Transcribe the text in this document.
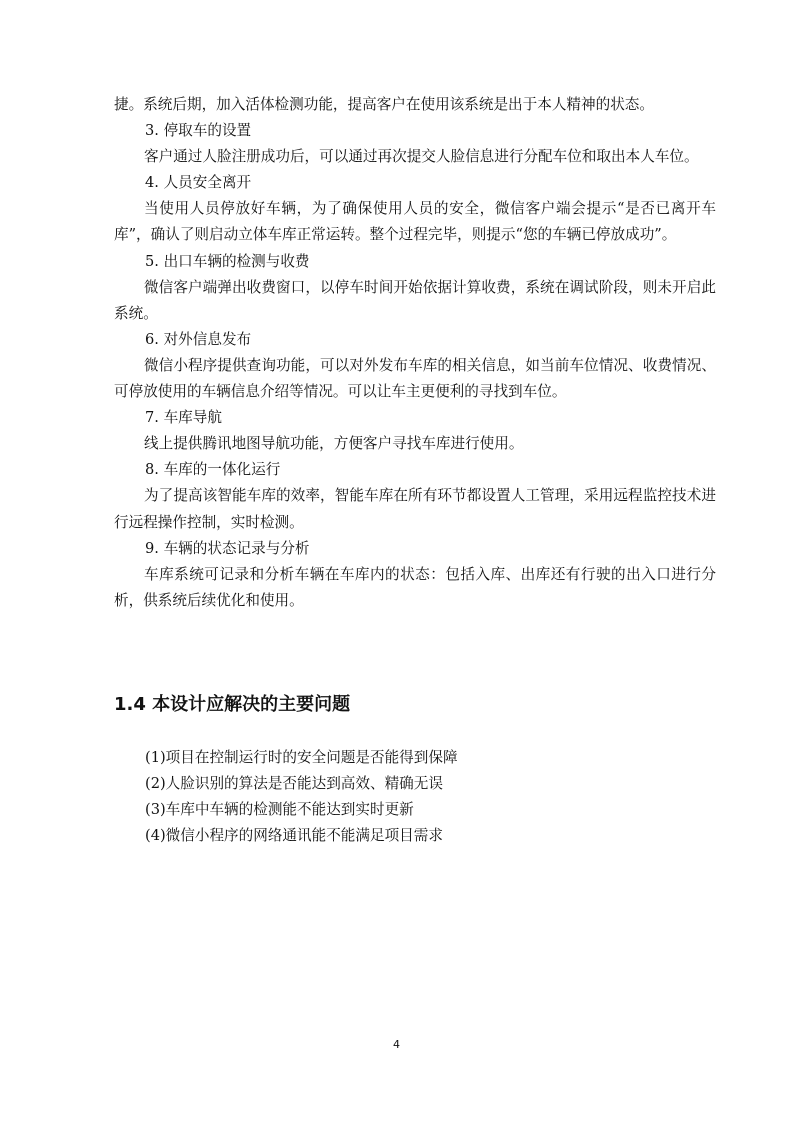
捷。系统后期，加入活体检测功能，提高客户在使用该系统是出于本人精神的状态。

3. 停取车的设置

客户通过人脸注册成功后，可以通过再次提交人脸信息进行分配车位和取出本人车位。

4. 人员安全离开

当使用人员停放好车辆，为了确保使用人员的安全，微信客户端会提示“是否已离开车库”，确认了则启动立体车库正常运转。整个过程完毕，则提示“您的车辆已停放成功”。

5. 出口车辆的检测与收费

微信客户端弹出收费窗口，以停车时间开始依据计算收费，系统在调试阶段，则未开启此系统。

6. 对外信息发布

微信小程序提供查询功能，可以对外发布车库的相关信息，如当前车位情况、收费情况、可停放使用的车辆信息介绍等情况。可以让车主更便利的寻找到车位。

7. 车库导航

线上提供腾讯地图导航功能，方便客户寻找车库进行使用。

8. 车库的一体化运行

为了提高该智能车库的效率，智能车库在所有环节都设置人工管理，采用远程监控技术进行远程操作控制，实时检测。

9. 车辆的状态记录与分析

车库系统可记录和分析车辆在车库内的状态：包括入库、出库还有行驶的出入口进行分析，供系统后续优化和使用。

1.4 本设计应解决的主要问题
(1)项目在控制运行时的安全问题是否能得到保障
(2)人脸识别的算法是否能达到高效、精确无误
(3)车库中车辆的检测能不能达到实时更新
(4)微信小程序的网络通讯能不能满足项目需求
4
